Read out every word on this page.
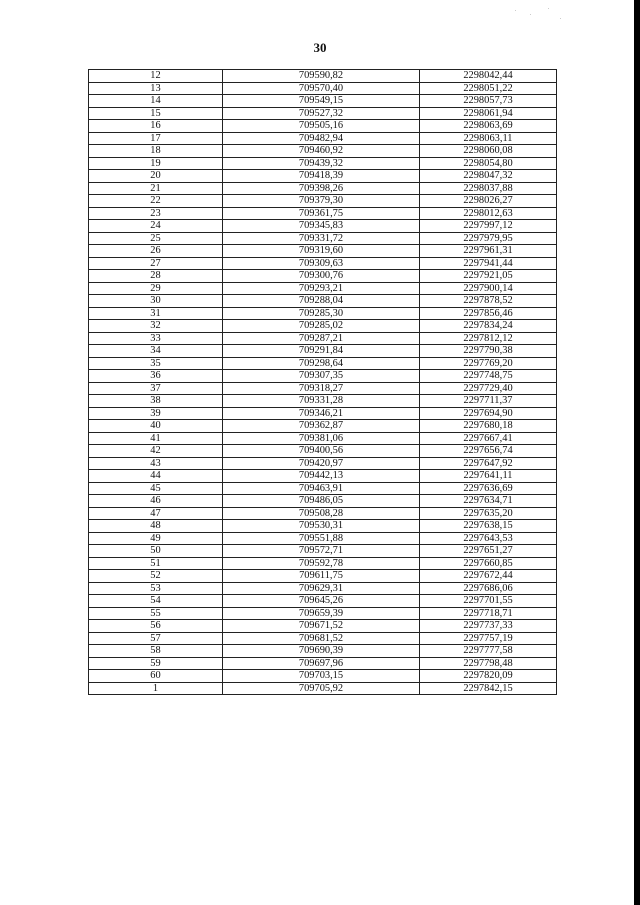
30
12	709590,82	2298042,44
13	709570,40	2298051,22
14	709549,15	2298057,73
15	709527,32	2298061,94
16	709505,16	2298063,69
17	709482,94	2298063,11
18	709460,92	2298060,08
19	709439,32	2298054,80
20	709418,39	2298047,32
21	709398,26	2298037,88
22	709379,30	2298026,27
23	709361,75	2298012,63
24	709345,83	2297997,12
25	709331,72	2297979,95
26	709319,60	2297961,31
27	709309,63	2297941,44
28	709300,76	2297921,05
29	709293,21	2297900,14
30	709288,04	2297878,52
31	709285,30	2297856,46
32	709285,02	2297834,24
33	709287,21	2297812,12
34	709291,84	2297790,38
35	709298,64	2297769,20
36	709307,35	2297748,75
37	709318,27	2297729,40
38	709331,28	2297711,37
39	709346,21	2297694,90
40	709362,87	2297680,18
41	709381,06	2297667,41
42	709400,56	2297656,74
43	709420,97	2297647,92
44	709442,13	2297641,11
45	709463,91	2297636,69
46	709486,05	2297634,71
47	709508,28	2297635,20
48	709530,31	2297638,15
49	709551,88	2297643,53
50	709572,71	2297651,27
51	709592,78	2297660,85
52	709611,75	2297672,44
53	709629,31	2297686,06
54	709645,26	2297701,55
55	709659,39	2297718,71
56	709671,52	2297737,33
57	709681,52	2297757,19
58	709690,39	2297777,58
59	709697,96	2297798,48
60	709703,15	2297820,09
1	709705,92	2297842,15
